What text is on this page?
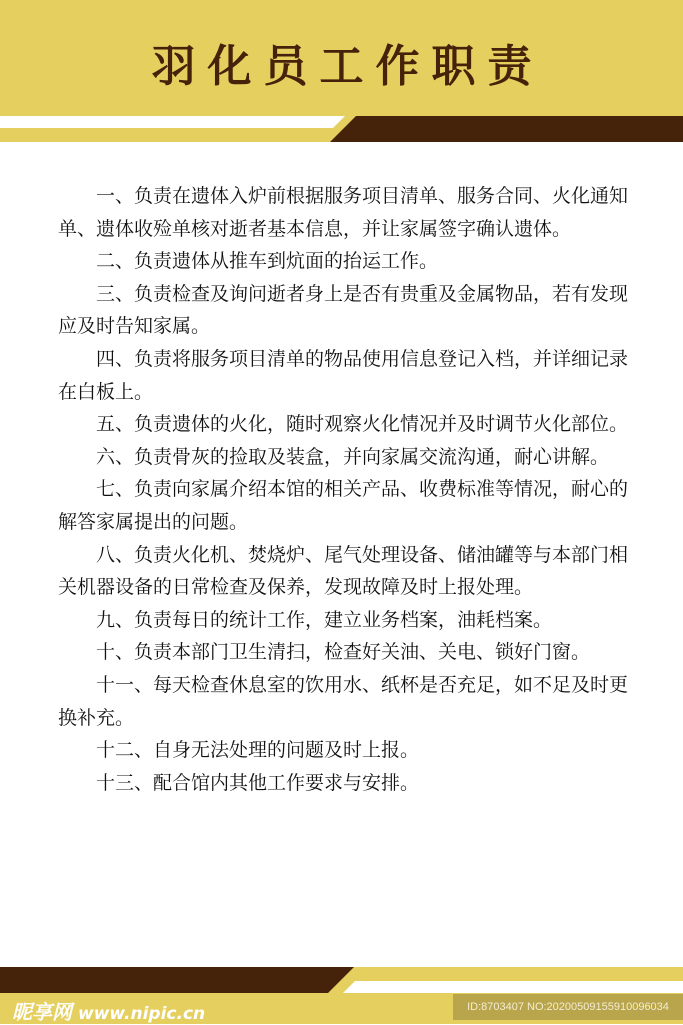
羽化员工作职责

一、负责在遗体入炉前根据服务项目清单、服务合同、火化通知单、遗体收殓单核对逝者基本信息，并让家属签字确认遗体。

二、负责遗体从推车到炕面的抬运工作。

三、负责检查及询问逝者身上是否有贵重及金属物品，若有发现应及时告知家属。

四、负责将服务项目清单的物品使用信息登记入档，并详细记录在白板上。

五、负责遗体的火化，随时观察火化情况并及时调节火化部位。

六、负责骨灰的捡取及装盒，并向家属交流沟通，耐心讲解。

七、负责向家属介绍本馆的相关产品、收费标准等情况，耐心的解答家属提出的问题。

八、负责火化机、焚烧炉、尾气处理设备、储油罐等与本部门相关机器设备的日常检查及保养，发现故障及时上报处理。

九、负责每日的统计工作，建立业务档案，油耗档案。

十、负责本部门卫生清扫，检查好关油、关电、锁好门窗。

十一、每天检查休息室的饮用水、纸杯是否充足，如不足及时更换补充。

十二、自身无法处理的问题及时上报。

十三、配合馆内其他工作要求与安排。

昵享网 www.nipic.cn	ID:8703407 NO:20200509155910096034
